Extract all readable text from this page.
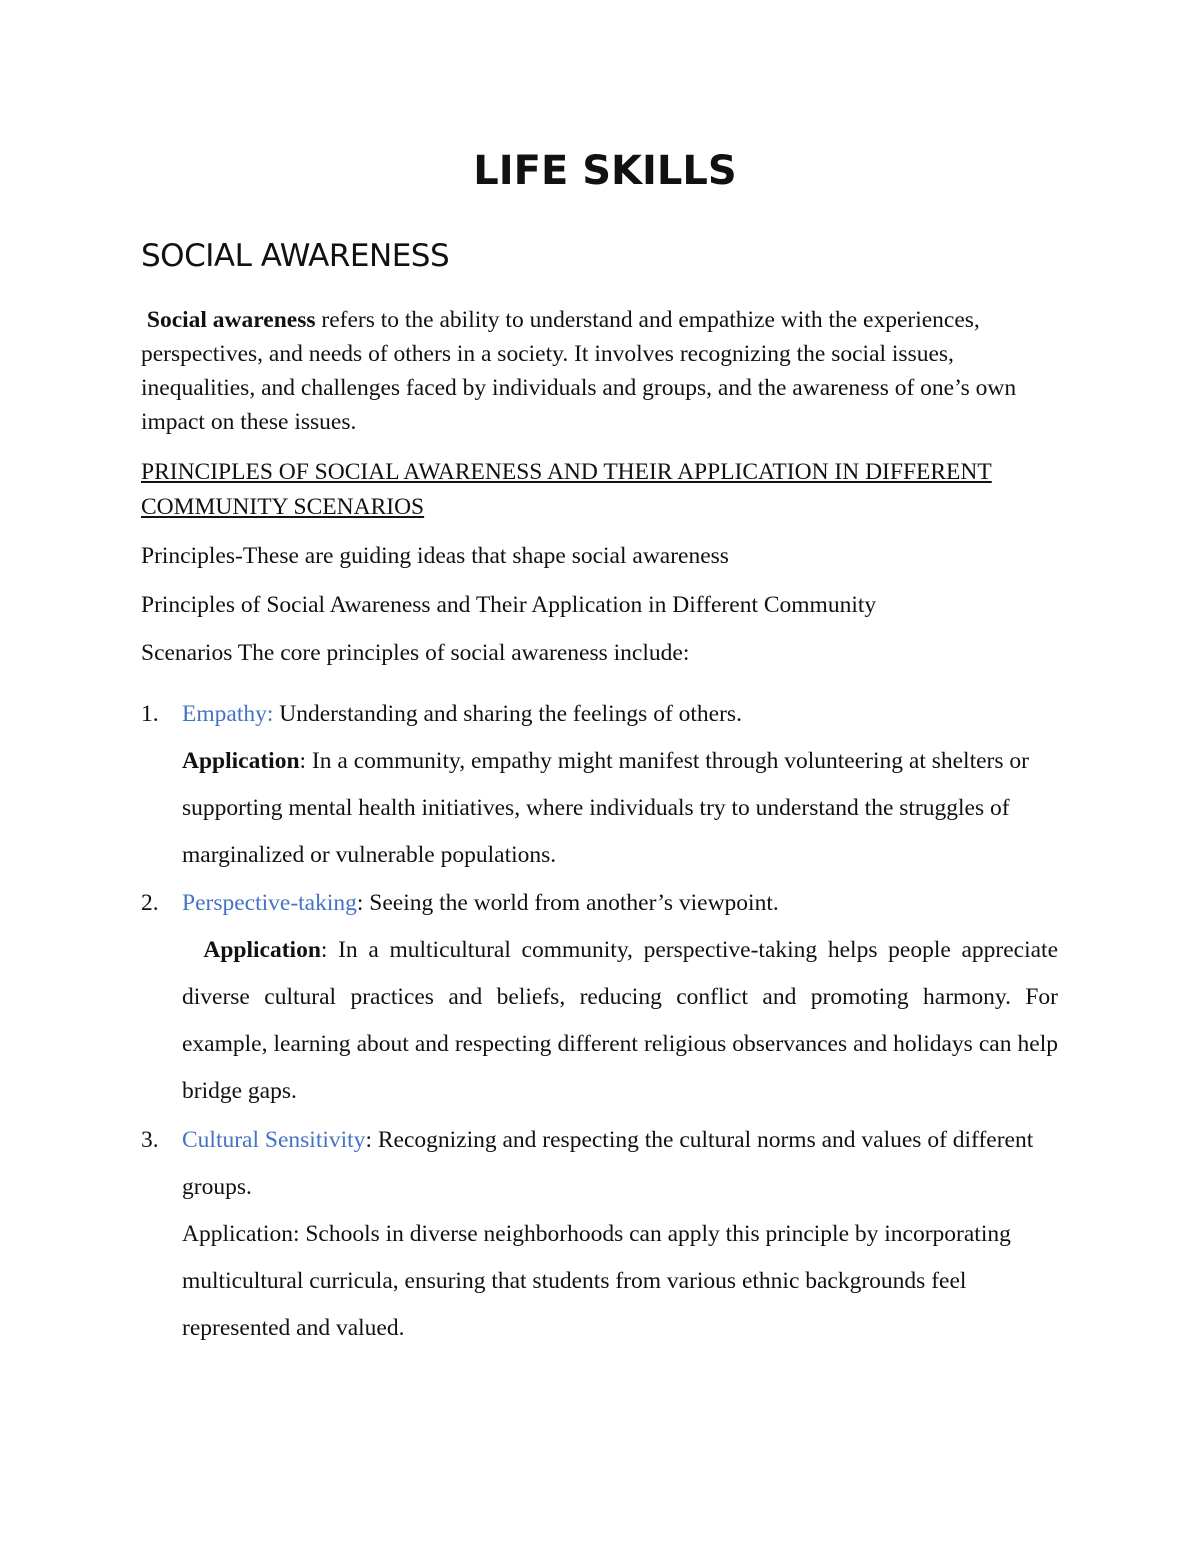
LIFE SKILLS
SOCIAL AWARENESS

Social awareness refers to the ability to understand and empathize with the experiences, perspectives, and needs of others in a society. It involves recognizing the social issues, inequalities, and challenges faced by individuals and groups, and the awareness of one’s own impact on these issues.

PRINCIPLES OF SOCIAL AWARENESS AND THEIR APPLICATION IN DIFFERENT COMMUNITY SCENARIOS

Principles-These are guiding ideas that shape social awareness

Principles of Social Awareness and Their Application in Different Community

Scenarios The core principles of social awareness include:

1. Empathy: Understanding and sharing the feelings of others.
Application: In a community, empathy might manifest through volunteering at shelters or supporting mental health initiatives, where individuals try to understand the struggles of marginalized or vulnerable populations.
2. Perspective-taking: Seeing the world from another’s viewpoint.
Application: In a multicultural community, perspective-taking helps people appreciate diverse cultural practices and beliefs, reducing conflict and promoting harmony. For example, learning about and respecting different religious observances and holidays can help bridge gaps.
3. Cultural Sensitivity: Recognizing and respecting the cultural norms and values of different groups.
Application: Schools in diverse neighborhoods can apply this principle by incorporating multicultural curricula, ensuring that students from various ethnic backgrounds feel represented and valued.
